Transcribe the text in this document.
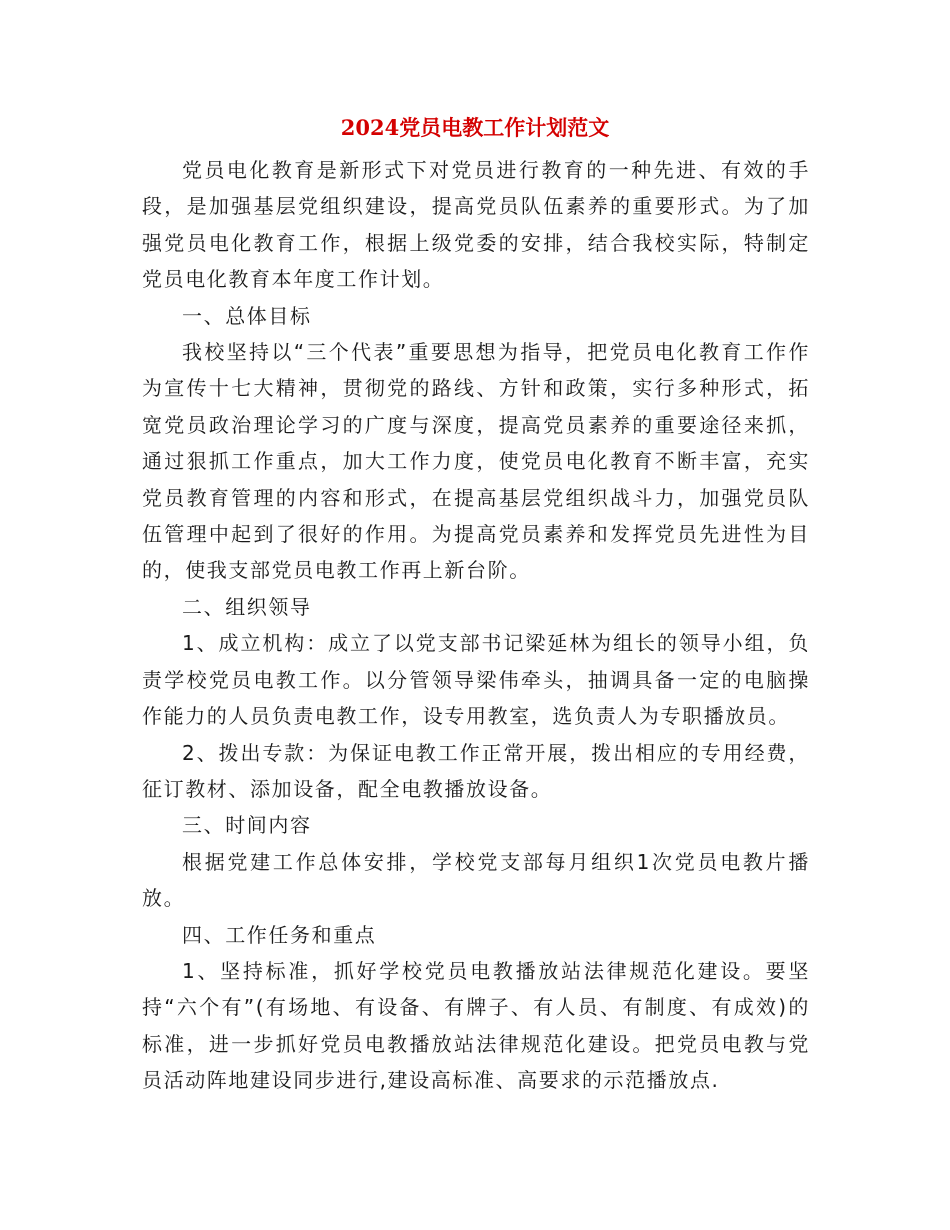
2024党员电教工作计划范文

党员电化教育是新形式下对党员进行教育的一种先进、有效的手段，是加强基层党组织建设，提高党员队伍素养的重要形式。为了加强党员电化教育工作，根据上级党委的安排，结合我校实际，特制定党员电化教育本年度工作计划。

一、总体目标

我校坚持以“三个代表”重要思想为指导，把党员电化教育工作作为宣传十七大精神，贯彻党的路线、方针和政策，实行多种形式，拓宽党员政治理论学习的广度与深度，提高党员素养的重要途径来抓，通过狠抓工作重点，加大工作力度，使党员电化教育不断丰富，充实党员教育管理的内容和形式，在提高基层党组织战斗力，加强党员队伍管理中起到了很好的作用。为提高党员素养和发挥党员先进性为目的，使我支部党员电教工作再上新台阶。

二、组织领导

1、成立机构：成立了以党支部书记梁延林为组长的领导小组，负责学校党员电教工作。以分管领导梁伟牵头，抽调具备一定的电脑操作能力的人员负责电教工作，设专用教室，选负责人为专职播放员。

2、拨出专款：为保证电教工作正常开展，拨出相应的专用经费，征订教材、添加设备，配全电教播放设备。

三、时间内容

根据党建工作总体安排，学校党支部每月组织1次党员电教片播放。

四、工作任务和重点

1、坚持标准，抓好学校党员电教播放站法律规范化建设。要坚持“六个有”(有场地、有设备、有牌子、有人员、有制度、有成效)的标准，进一步抓好党员电教播放站法律规范化建设。把党员电教与党员活动阵地建设同步进行,建设高标准、高要求的示范播放点.
